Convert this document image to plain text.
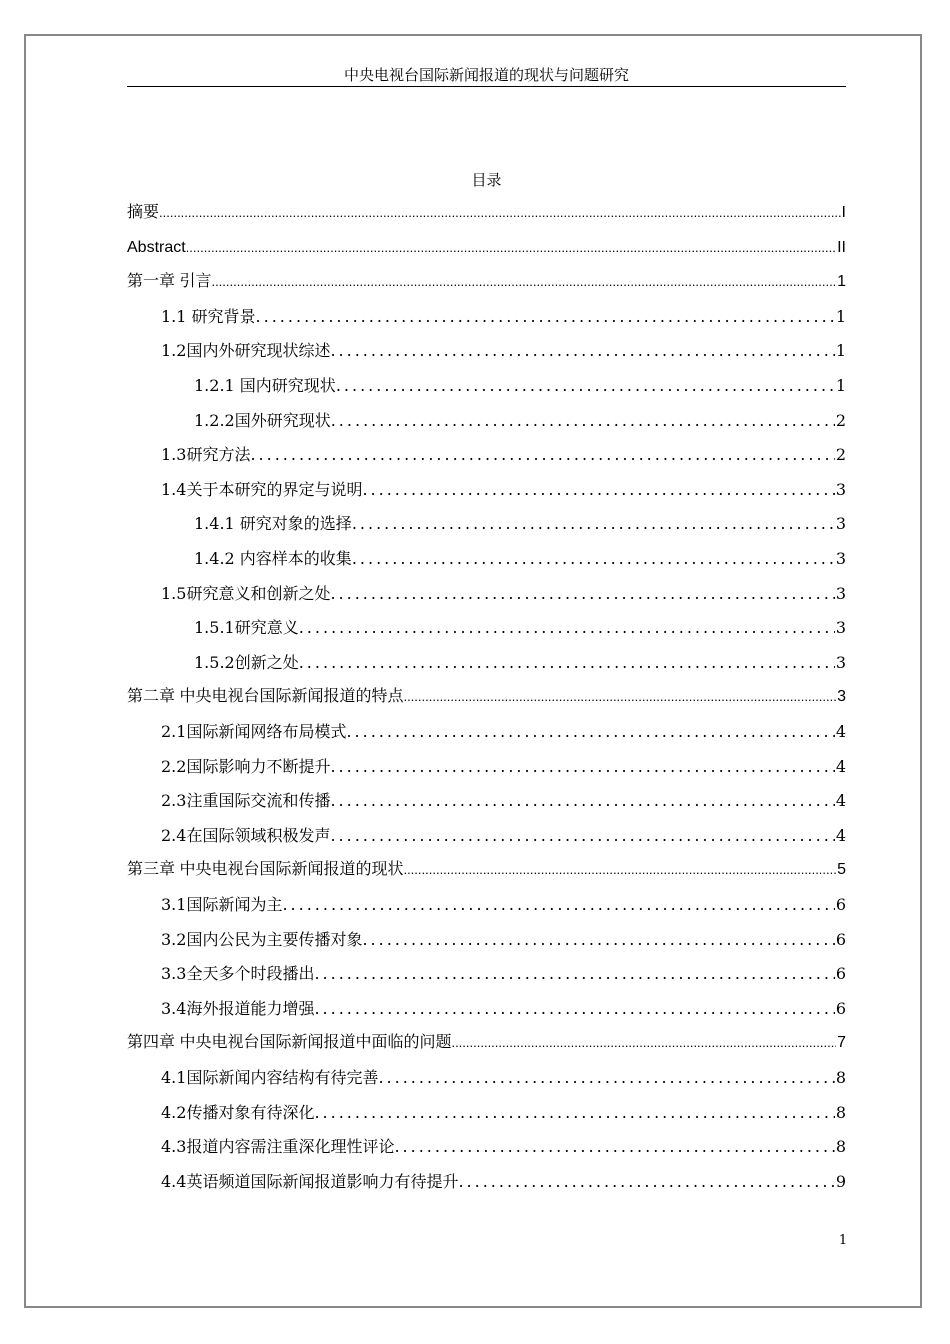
中央电视台国际新闻报道的现状与问题研究
目录
摘要 .....	I
Abstract .....	II
第一章 引言 .....	1
1.1 研究背景 .....	1
1.2国内外研究现状综述 .....	1
1.2.1 国内研究现状 .....	1
1.2.2国外研究现状 .....	2
1.3研究方法 .....	2
1.4关于本研究的界定与说明 .....	3
1.4.1 研究对象的选择 .....	3
1.4.2 内容样本的收集 .....	3
1.5研究意义和创新之处 .....	3
1.5.1研究意义 .....	3
1.5.2创新之处 .....	3
第二章 中央电视台国际新闻报道的特点 .....	3
2.1国际新闻网络布局模式 .....	4
2.2国际影响力不断提升 .....	4
2.3注重国际交流和传播 .....	4
2.4在国际领域积极发声 .....	4
第三章 中央电视台国际新闻报道的现状 .....	5
3.1国际新闻为主 .....	6
3.2国内公民为主要传播对象 .....	6
3.3全天多个时段播出 .....	6
3.4海外报道能力增强 .....	6
第四章 中央电视台国际新闻报道中面临的问题 .....	7
4.1国际新闻内容结构有待完善 .....	8
4.2传播对象有待深化 .....	8
4.3报道内容需注重深化理性评论 .....	8
4.4英语频道国际新闻报道影响力有待提升 .....	9
1
